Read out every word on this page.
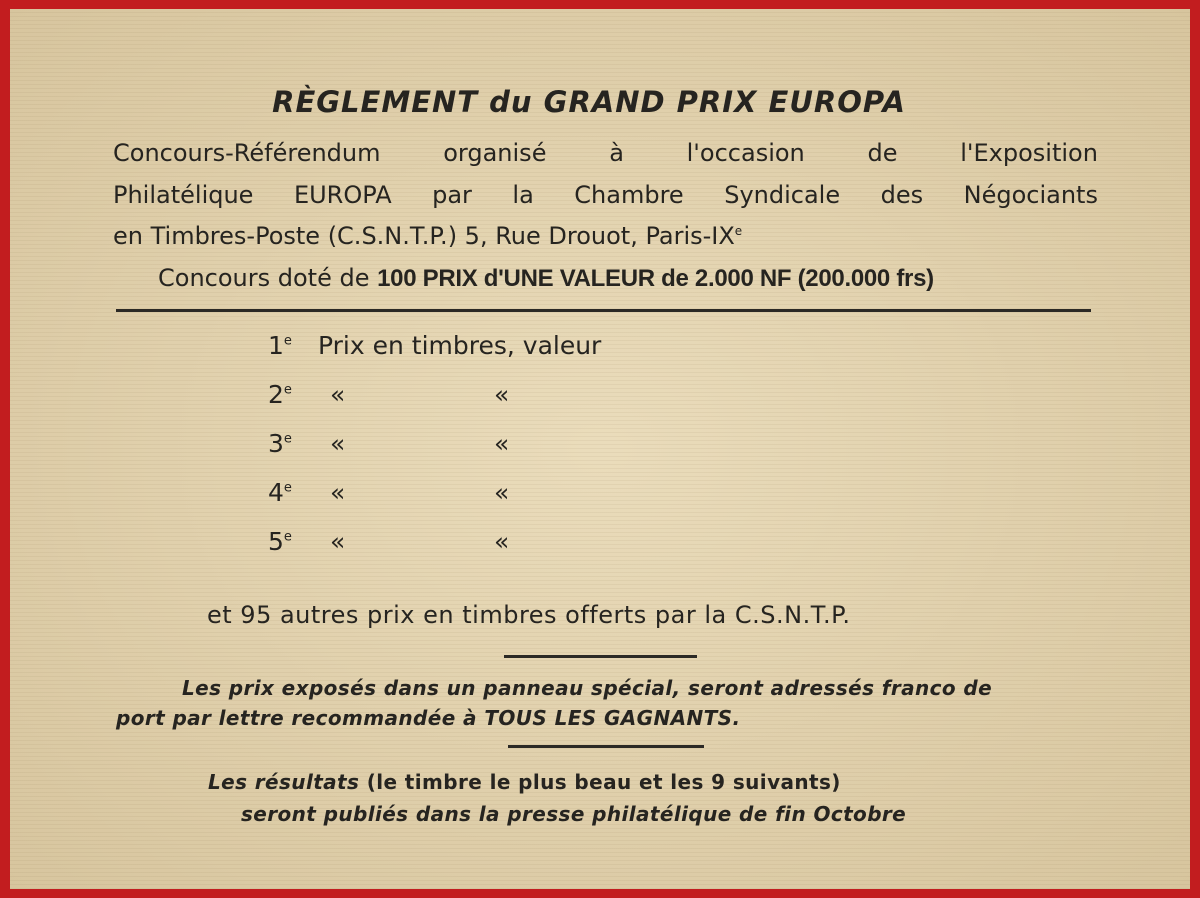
RÈGLEMENT du GRAND PRIX EUROPA

Concours-Référendum	organisé	à	l'occasion	de	l'Exposition
Philatélique EUROPA par la Chambre Syndicale des Négociants

en Timbres-Poste (C.S.N.T.P.) 5, Rue Drouot, Paris-IXe

Concours doté de 100 PRIX d'UNE VALEUR de 2.000 NF (200.000 frs)

1e Prix en timbres, valeur
2e «	«
3e «	«
4e «	«
5e «	«

et 95 autres prix en timbres offerts par la C.S.N.T.P.

Les prix exposés dans un panneau spécial, seront adressés franco de

port par lettre recommandée à TOUS LES GAGNANTS.

Les résultats (le timbre le plus beau et les 9 suivants)

seront publiés dans la presse philatélique de fin Octobre
